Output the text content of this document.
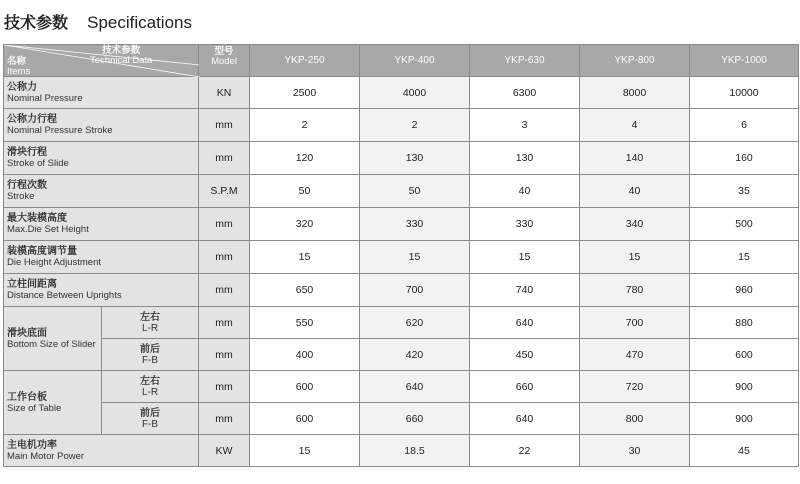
技术参数 Specifications
技术参数
Technical Data
名称
Items		型号
Model	YKP-250	YKP-400	YKP-630	YKP-800	YKP-1000

公称力
Nominal Pressure		KN	2500	4000	6300	8000	10000

公称力行程
Nominal Pressure Stroke		mm	2	2	3	4	6

滑块行程
Stroke of Slide		mm	120	130	130	140	160

行程次数
Stroke		S.P.M	50	50	40	40	35

最大装模高度
Max.Die Set Height		mm	320	330	330	340	500

装模高度调节量
Die Height Adjustment		mm	15	15	15	15	15

立柱间距离
Distance Between Uprights		mm	650	700	740	780	960

滑块底面
Bottom Size of Slider	左右
L-R	mm	550	620	640	700	880

	前后
F-B	mm	400	420	450	470	600

工作台板
Size of Table	左右
L-R	mm	600	640	660	720	900

	前后
F-B	mm	600	660	640	800	900

主电机功率
Main Motor Power		KW	15	18.5	22	30	45
